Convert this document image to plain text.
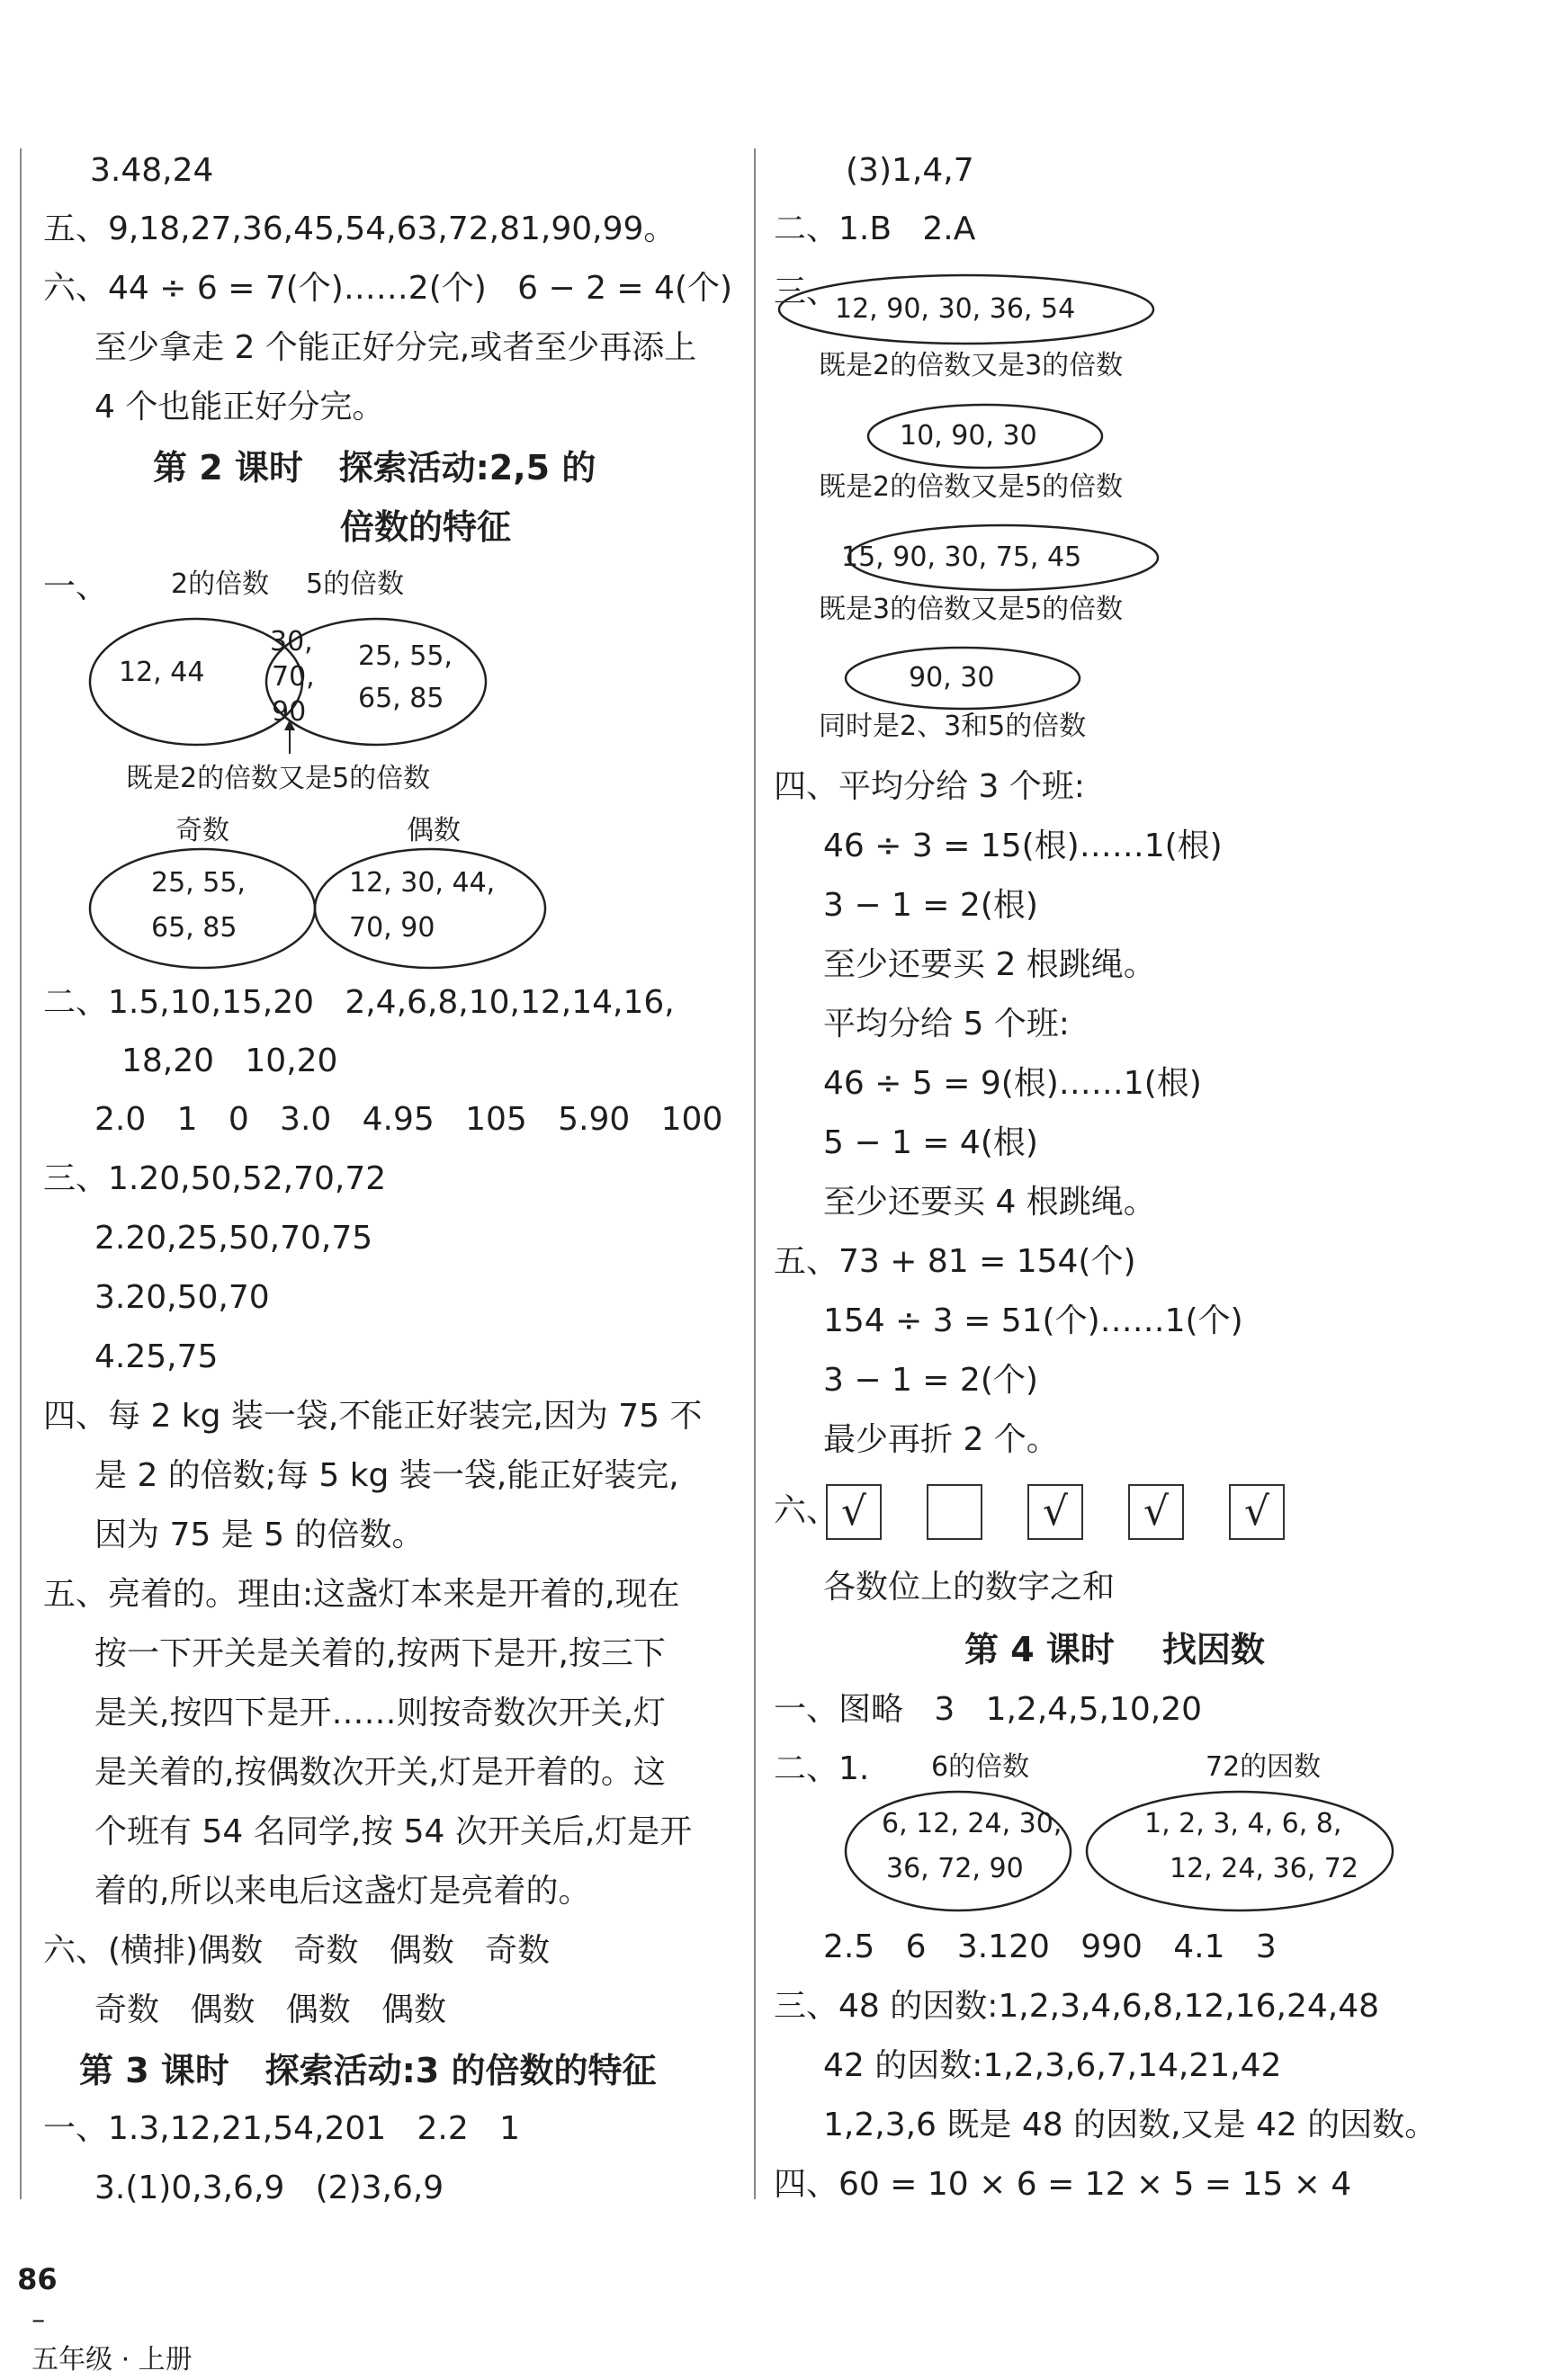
3.48,24
五、9,18,27,36,45,54,63,72,81,90,99。
六、44 ÷ 6 = 7(个)……2(个)   6 − 2 = 4(个)
至少拿走 2 个能正好分完,或者至少再添上
4 个也能正好分完。
第 2 课时   探索活动:2,5 的
倍数的特征
一、 2的倍数 5的倍数
12, 44
30,
70,
90
25, 55,
65, 85
既是2的倍数又是5的倍数
奇数	偶数
25, 55,
65, 85
12, 30, 44,
70, 90
二、1.5,10,15,20   2,4,6,8,10,12,14,16,
18,20   10,20
2.0   1   0   3.0   4.95   105   5.90   100
三、1.20,50,52,70,72
2.20,25,50,70,75
3.20,50,70
4.25,75
四、每 2 kg 装一袋,不能正好装完,因为 75 不
是 2 的倍数;每 5 kg 装一袋,能正好装完,
因为 75 是 5 的倍数。
五、亮着的。理由:这盏灯本来是开着的,现在
按一下开关是关着的,按两下是开,按三下
是关,按四下是开……则按奇数次开关,灯
是关着的,按偶数次开关,灯是开着的。这
个班有 54 名同学,按 54 次开关后,灯是开
着的,所以来电后这盏灯是亮着的。
六、(横排)偶数   奇数   偶数   奇数
奇数   偶数   偶数   偶数
第 3 课时   探索活动:3 的倍数的特征
一、1.3,12,21,54,201   2.2   1
3.(1)0,3,6,9   (2)3,6,9
(3)1,4,7
二、1.B   2.A
三、
12, 90, 30, 36, 54
既是2的倍数又是3的倍数
10, 90, 30
既是2的倍数又是5的倍数
15, 90, 30, 75, 45
既是3的倍数又是5的倍数
90, 30
同时是2、3和5的倍数
四、平均分给 3 个班:
46 ÷ 3 = 15(根)……1(根)
3 − 1 = 2(根)
至少还要买 2 根跳绳。
平均分给 5 个班:
46 ÷ 5 = 9(根)……1(根)
5 − 1 = 4(根)
至少还要买 4 根跳绳。
五、73 + 81 = 154(个)
154 ÷ 3 = 51(个)……1(个)
3 − 1 = 2(个)
最少再折 2 个。
六、 √	√	√	√
各数位上的数字之和
第 4 课时    找因数
一、图略   3   1,2,4,5,10,20
二、1. 6的倍数	72的因数
6, 12, 24, 30,
36, 72, 90
1, 2, 3, 4, 6, 8,
12, 24, 36, 72
2.5   6   3.120   990   4.1   3
三、48 的因数:1,2,3,4,6,8,12,16,24,48
42 的因数:1,2,3,6,7,14,21,42
1,2,3,6 既是 48 的因数,又是 42 的因数。
四、60 = 10 × 6 = 12 × 5 = 15 × 4

86
–
五年级 · 上册
